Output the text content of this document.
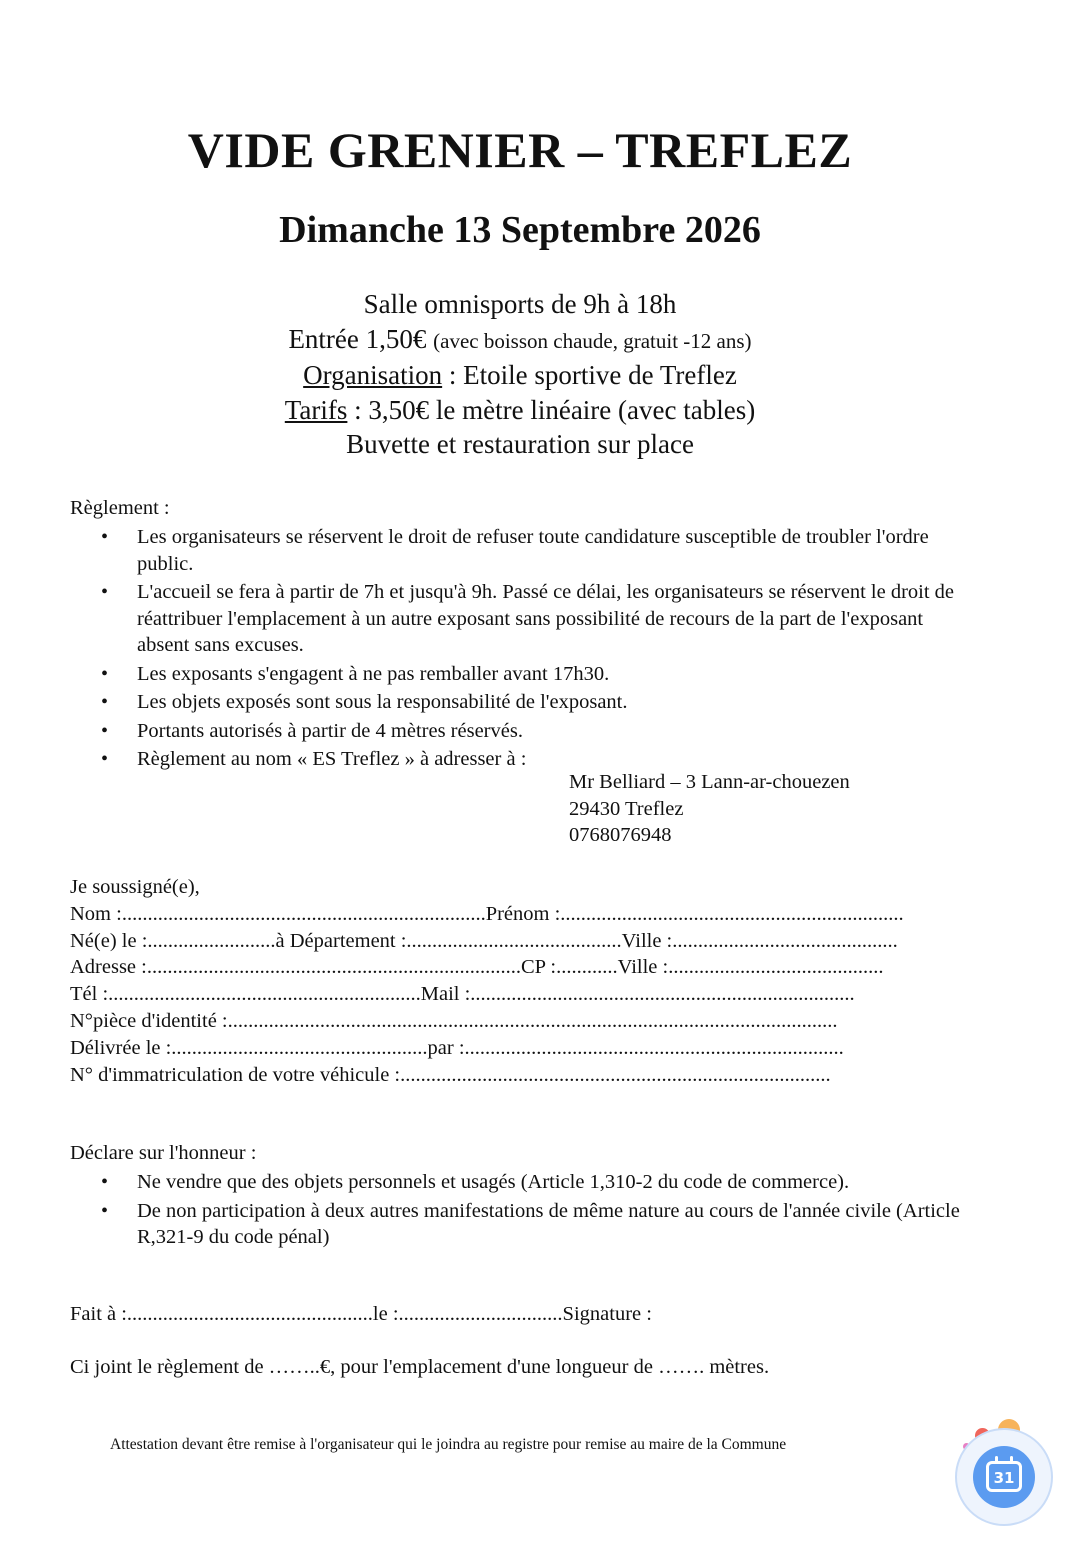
VIDE GRENIER – TREFLEZ
Dimanche 13 Septembre 2026
Salle omnisports de 9h à 18h
Entrée 1,50€ (avec boisson chaude, gratuit -12 ans)
Organisation : Etoile sportive de Treflez
Tarifs : 3,50€ le mètre linéaire (avec tables)
Buvette et restauration sur place
Règlement :
• Les organisateurs se réservent le droit de refuser toute candidature susceptible de troubler l'ordre public.
• L'accueil se fera à partir de 7h et jusqu'à 9h. Passé ce délai, les organisateurs se réservent le droit de réattribuer l'emplacement à un autre exposant sans possibilité de recours de la part de l'exposant absent sans excuses.
• Les exposants s'engagent à ne pas remballer avant 17h30.
• Les objets exposés sont sous la responsabilité de l'exposant.
• Portants autorisés à partir de 4 mètres réservés.
• Règlement au nom « ES Treflez » à adresser à :
Mr Belliard – 3 Lann-ar-chouezen
29430 Treflez
0768076948
Je soussigné(e),
Nom :.......................................................................Prénom :...................................................................
Né(e) le :.........................à Département :..........................................Ville :............................................
Adresse :.........................................................................CP :............Ville :..........................................
Tél :.............................................................Mail :...........................................................................
N°pièce d'identité :.......................................................................................................................
Délivrée le :..................................................par :..........................................................................
N° d'immatriculation de votre véhicule :....................................................................................
Déclare sur l'honneur :
• Ne vendre que des objets personnels et usagés (Article 1,310-2 du code de commerce).
• De non participation à deux autres manifestations de même nature au cours de l'année civile (Article R,321-9 du code pénal)
Fait à :................................................le :................................Signature :
Ci joint le règlement de ……..€, pour l'emplacement d'une longueur de ……. mètres.
Attestation devant être remise à l'organisateur qui le joindra au registre pour remise au maire de la Commune
31
